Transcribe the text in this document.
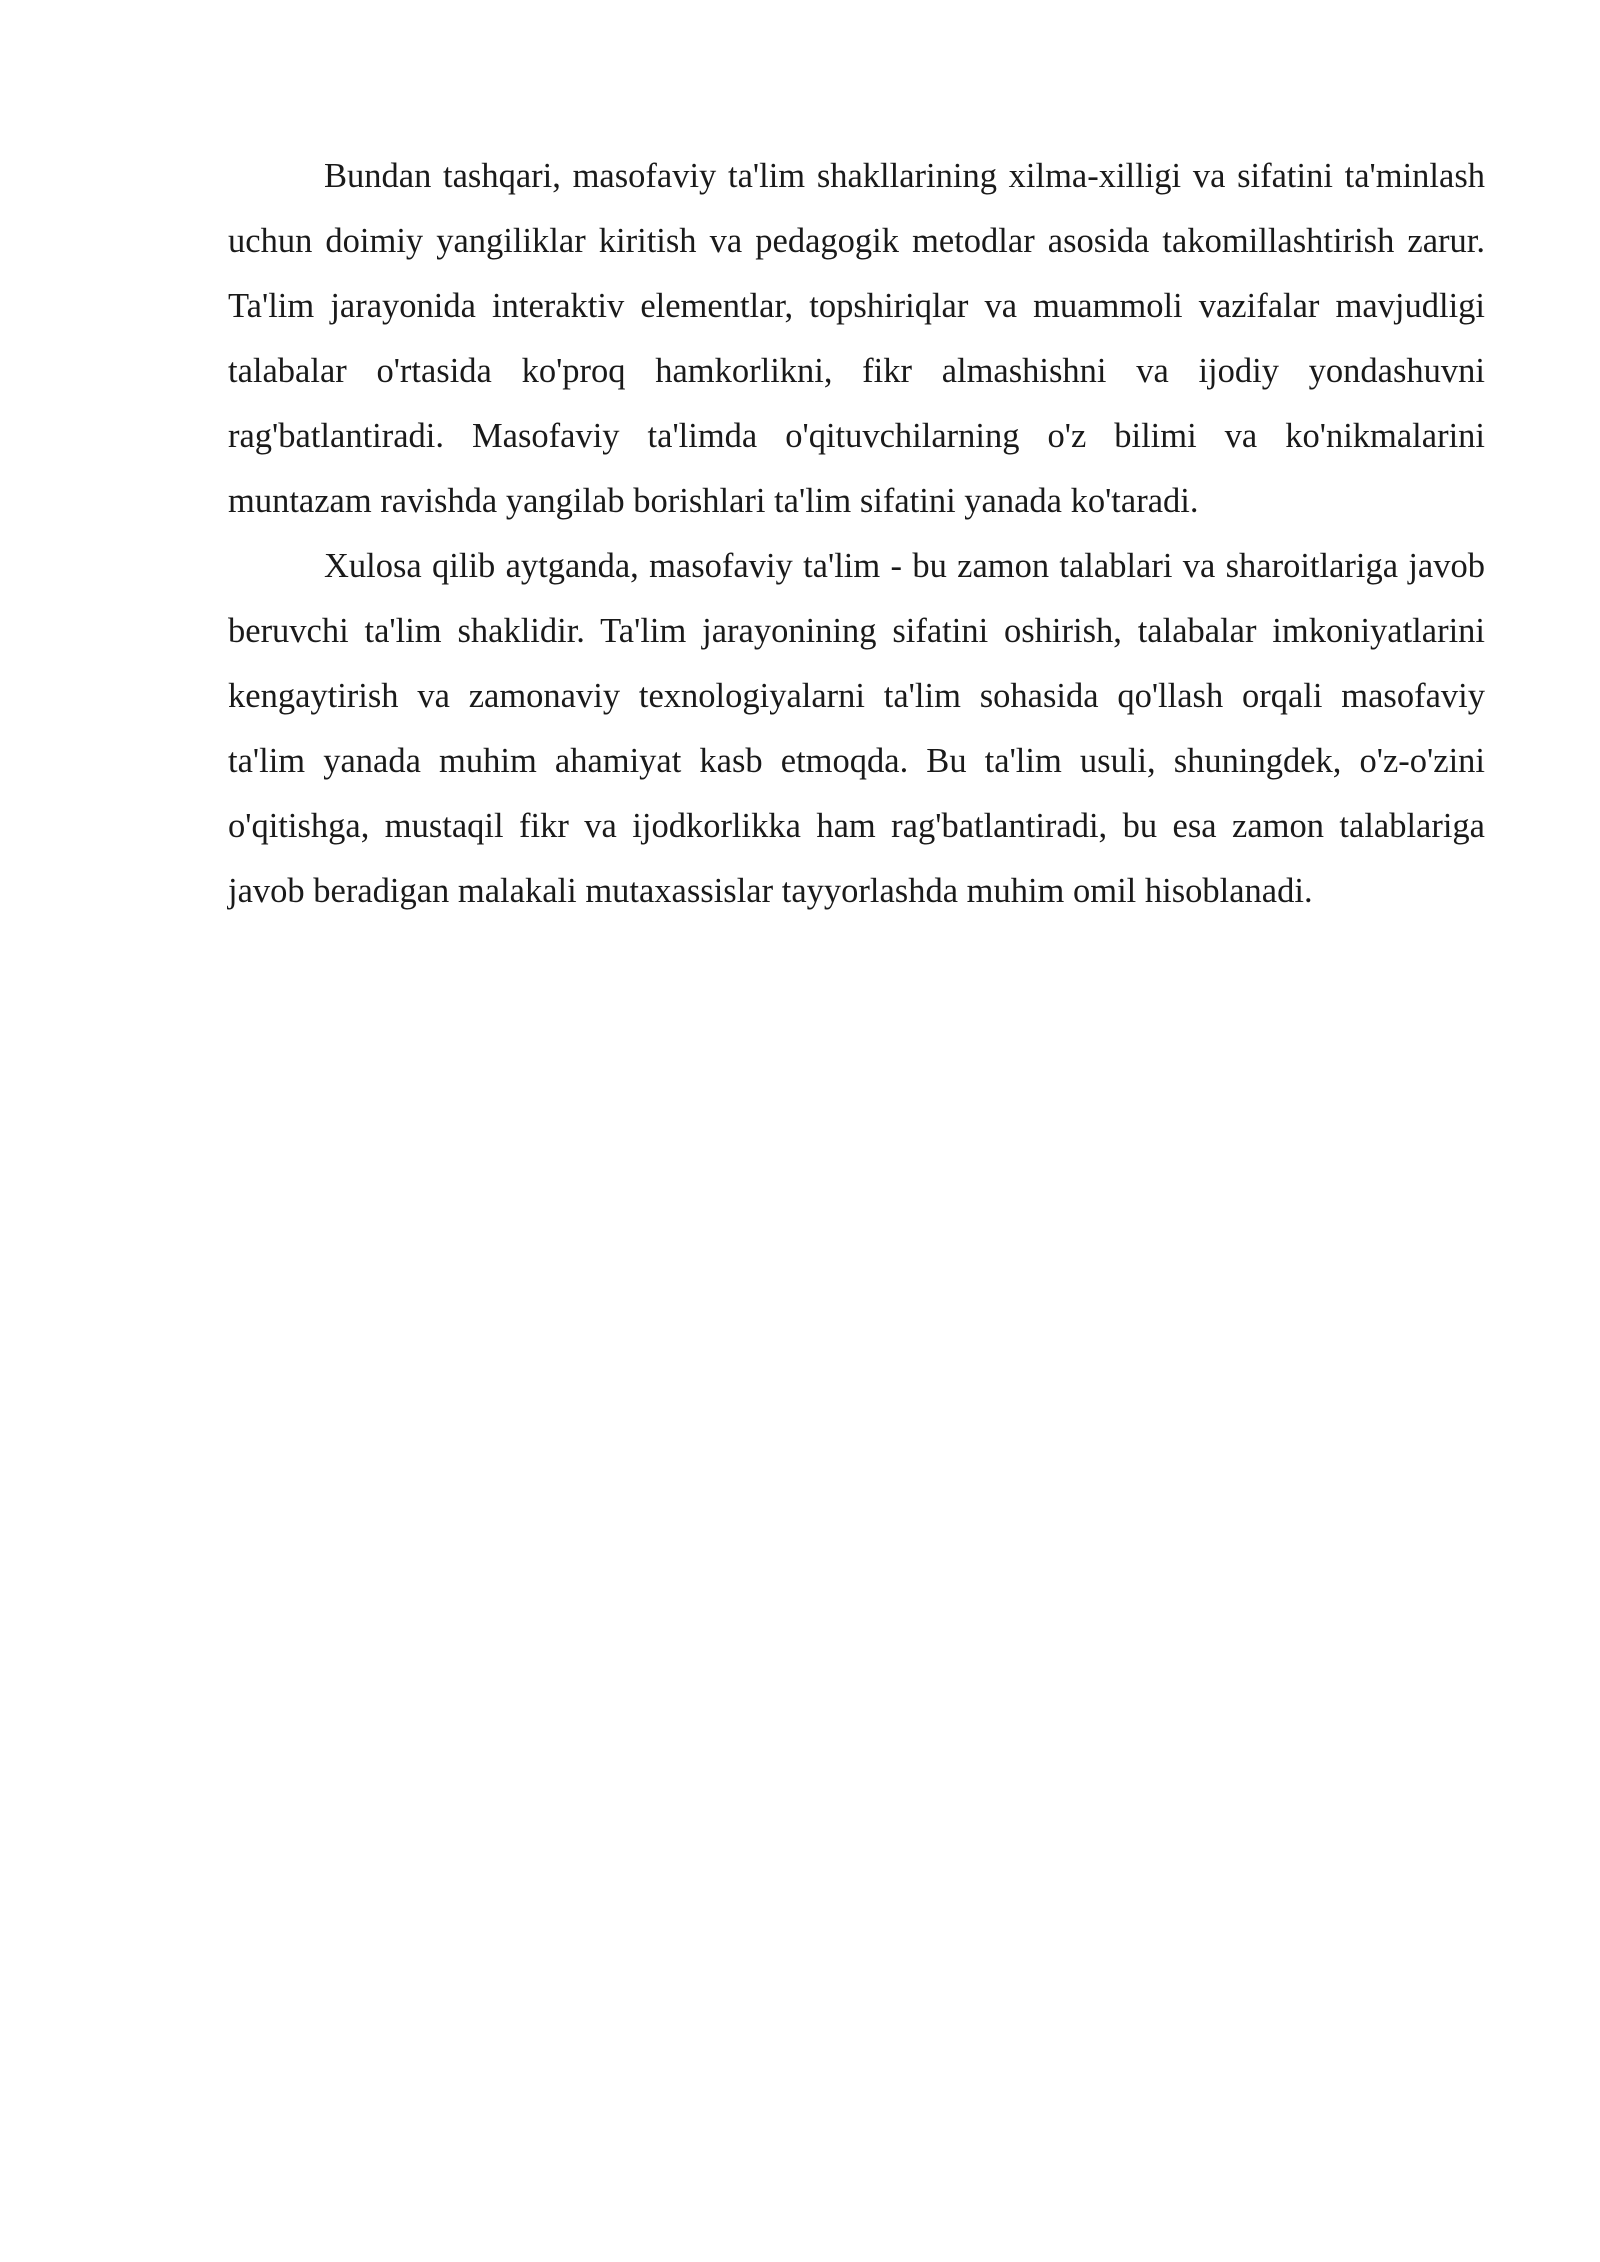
Bundan tashqari, masofaviy ta'lim shakllarining xilma-xilligi va sifatini ta'minlash uchun doimiy yangiliklar kiritish va pedagogik metodlar asosida takomillashtirish zarur. Ta'lim jarayonida interaktiv elementlar, topshiriqlar va muammoli vazifalar mavjudligi talabalar o'rtasida ko'proq hamkorlikni, fikr almashishni va ijodiy yondashuvni rag'batlantiradi. Masofaviy ta'limda o'qituvchilarning o'z bilimi va ko'nikmalarini muntazam ravishda yangilab borishlari ta'lim sifatini yanada ko'taradi.

Xulosa qilib aytganda, masofaviy ta'lim - bu zamon talablari va sharoitlariga javob beruvchi ta'lim shaklidir. Ta'lim jarayonining sifatini oshirish, talabalar imkoniyatlarini kengaytirish va zamonaviy texnologiyalarni ta'lim sohasida qo'llash orqali masofaviy ta'lim yanada muhim ahamiyat kasb etmoqda. Bu ta'lim usuli, shuningdek, o'z-o'zini o'qitishga, mustaqil fikr va ijodkorlikka ham rag'batlantiradi, bu esa zamon talablariga javob beradigan malakali mutaxassislar tayyorlashda muhim omil hisoblanadi.
